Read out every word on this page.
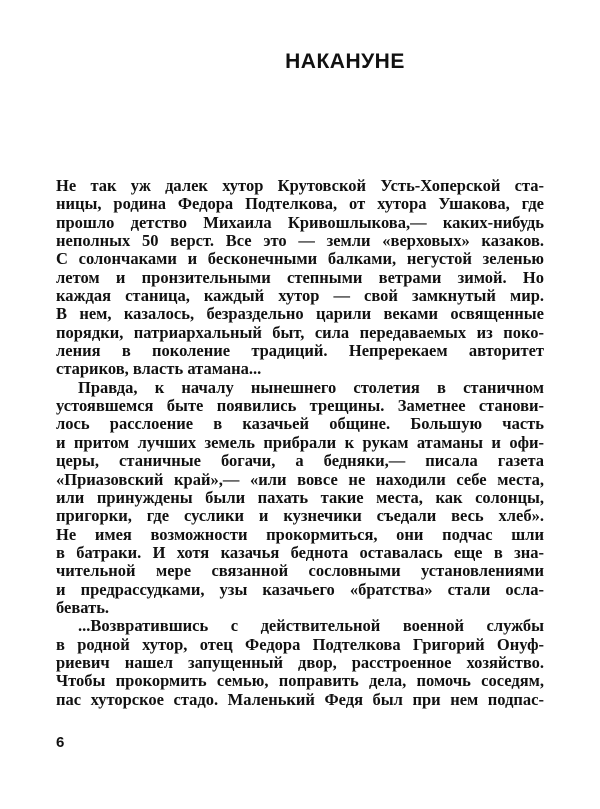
НАКАНУНЕ
Не так уж далек хутор Крутовской Усть-Хоперской ста-
ницы, родина Федора Подтелкова, от хутора Ушакова, где
прошло детство Михаила Кривошлыкова,— каких-нибудь
неполных 50 верст. Все это — земли «верховых» казаков.
С солончаками и бесконечными балками, негустой зеленью
летом и пронзительными степными ветрами зимой. Но
каждая станица, каждый хутор — свой замкнутый мир.
В нем, казалось, безраздельно царили веками освященные
порядки, патриархальный быт, сила передаваемых из поко-
ления в поколение традиций. Непререкаем авторитет
стариков, власть атамана...
Правда, к началу нынешнего столетия в станичном
устоявшемся быте появились трещины. Заметнее станови-
лось расслоение в казачьей общине. Большую часть
и притом лучших земель прибрали к рукам атаманы и офи-
церы, станичные богачи, а бедняки,— писала газета
«Приазовский край»,— «или вовсе не находили себе места,
или принуждены были пахать такие места, как солонцы,
пригорки, где суслики и кузнечики съедали весь хлеб».
Не имея возможности прокормиться, они подчас шли
в батраки. И хотя казачья беднота оставалась еще в зна-
чительной мере связанной сословными установлениями
и предрассудками, узы казачьего «братства» стали осла-
бевать.
...Возвратившись с действительной военной службы
в родной хутор, отец Федора Подтелкова Григорий Онуф-
риевич нашел запущенный двор, расстроенное хозяйство.
Чтобы прокормить семью, поправить дела, помочь соседям,
пас хуторское стадо. Маленький Федя был при нем подпас-
6
